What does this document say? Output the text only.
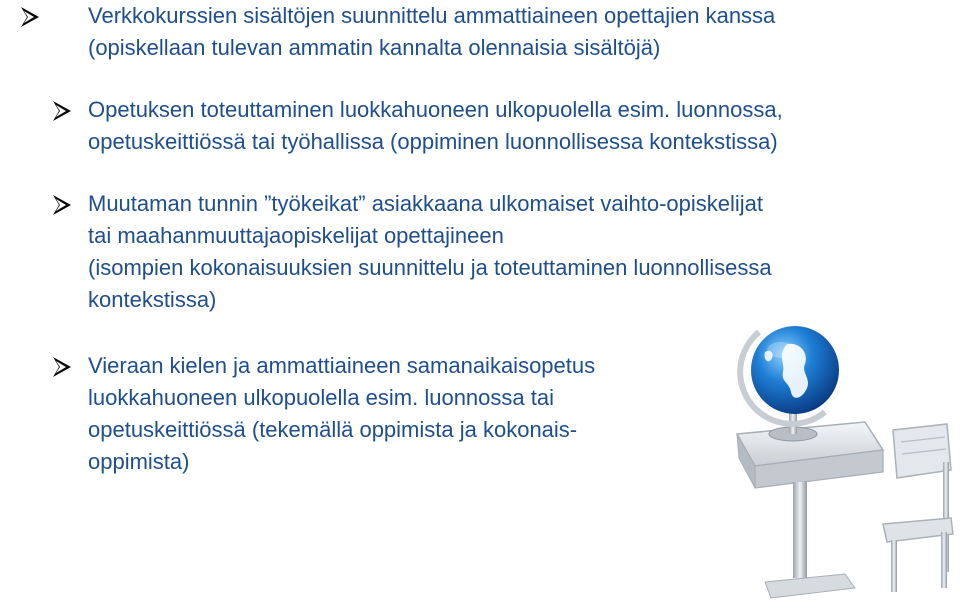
Verkkokurssien sisältöjen suunnittelu ammattiaineen opettajien kanssa
(opiskellaan tulevan ammatin kannalta olennaisia sisältöjä)
Opetuksen toteuttaminen luokkahuoneen ulkopuolella esim. luonnossa,
opetuskeittiössä tai työhallissa (oppiminen luonnollisessa kontekstissa)
Muutaman tunnin ”työkeikat” asiakkaana ulkomaiset vaihto-opiskelijat
tai maahanmuuttajaopiskelijat opettajineen
(isompien kokonaisuuksien suunnittelu ja toteuttaminen luonnollisessa
kontekstissa)
Vieraan kielen ja ammattiaineen samanaikaisopetus
luokkahuoneen ulkopuolella esim. luonnossa tai
opetuskeittiössä (tekemällä oppimista ja kokonais-
oppimista)
